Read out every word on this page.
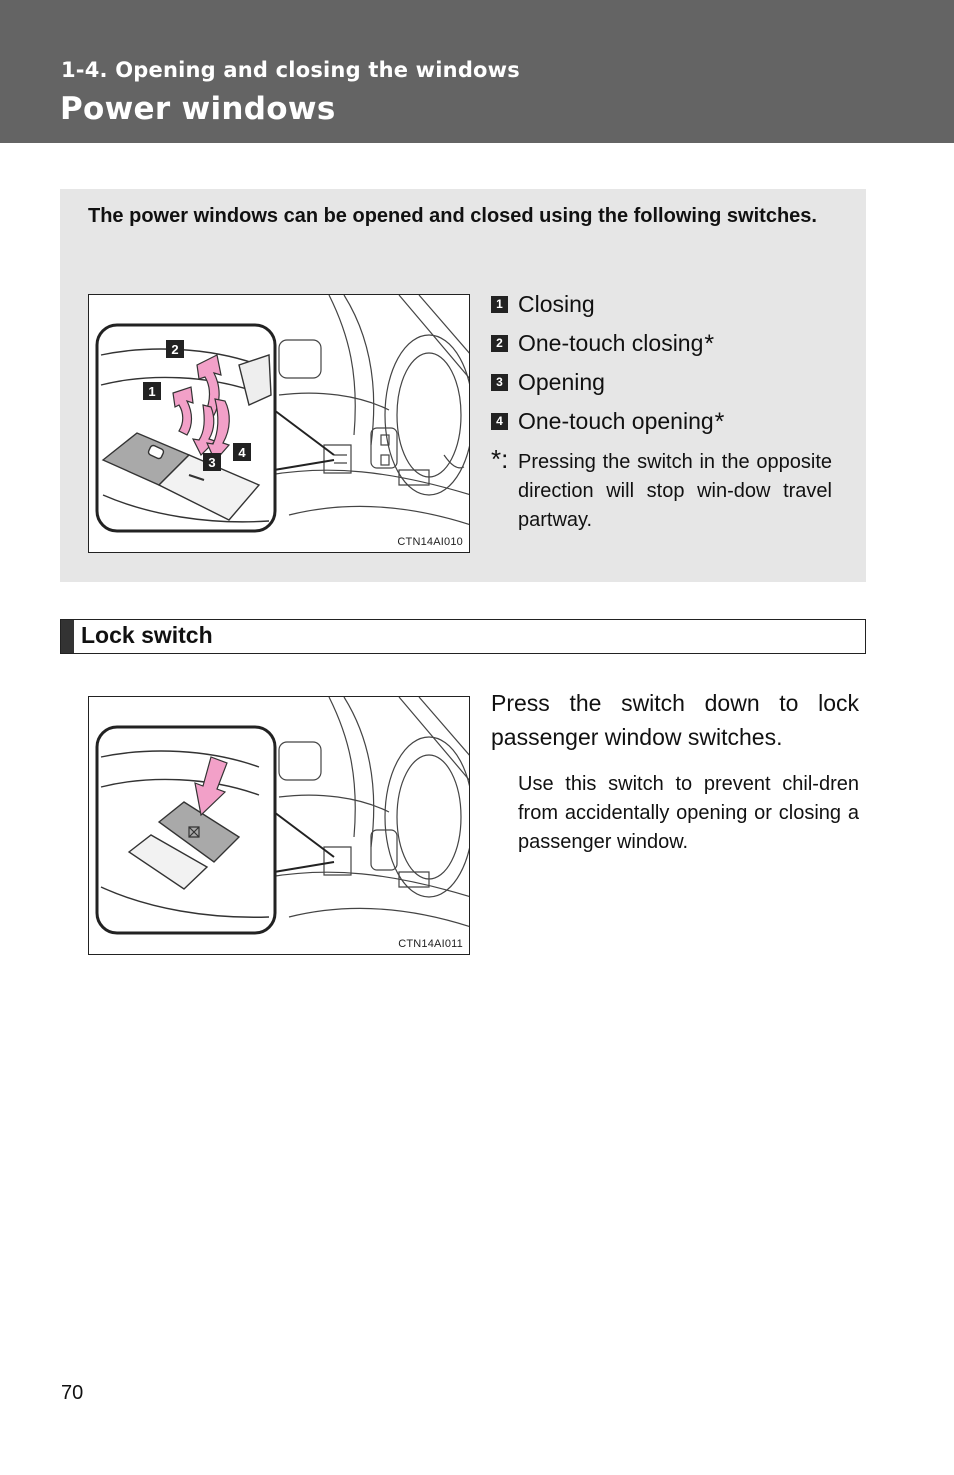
1-4. Opening and closing the windows
Power windows
The power windows can be opened and closed using the following switches.
2
1
3
4
CTN14AI010
1 Closing
2 One-touch closing *
3 Opening
4 One-touch opening *
*: Pressing the switch in the opposite direction will stop win-dow travel partway.
Lock switch
CTN14AI011
Press the switch down to lock passenger window switches.
Use this switch to prevent chil-dren from accidentally opening or closing a passenger window.
70
